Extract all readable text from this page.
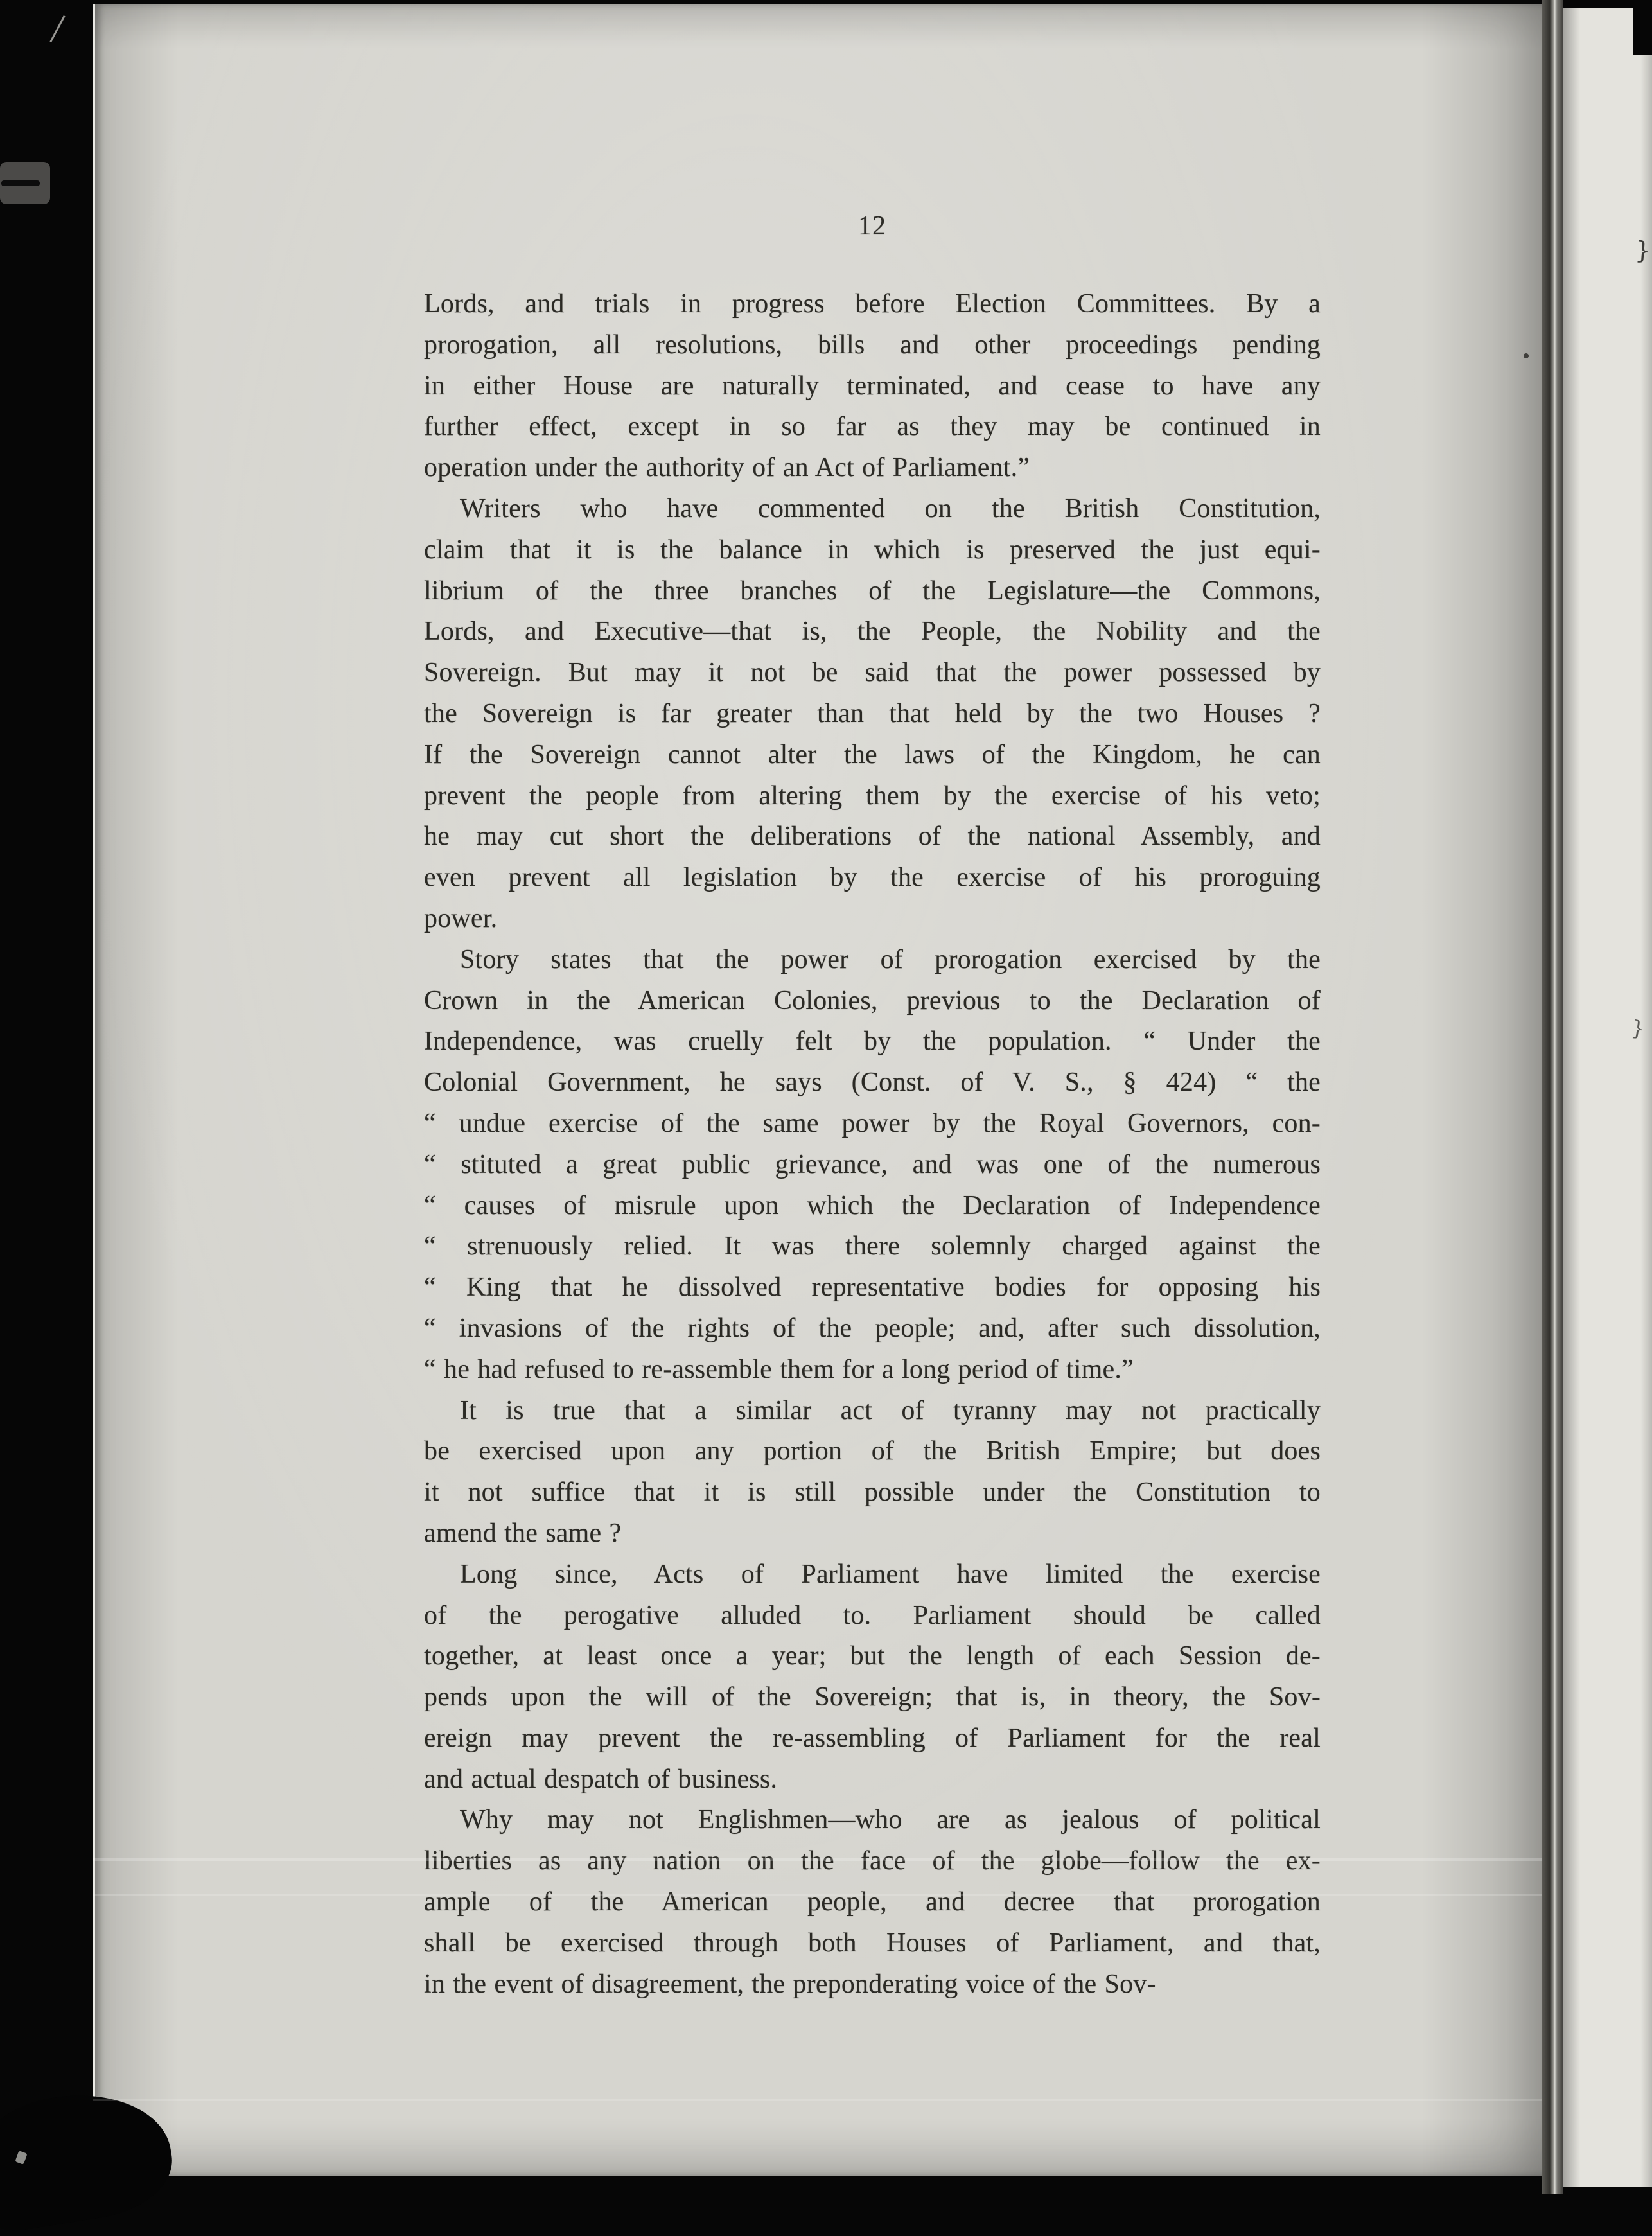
12
Lords, and trials in progress before Election Committees. By a
prorogation, all resolutions, bills and other proceedings pending
in either House are naturally terminated, and cease to have any
further effect, except in so far as they may be continued in
operation under the authority of an Act of Parliament.”
Writers who have commented on the British Constitution,
claim that it is the balance in which is preserved the just equi-
librium of the three branches of the Legislature—the Commons,
Lords, and Executive—that is, the People, the Nobility and the
Sovereign. But may it not be said that the power possessed by
the Sovereign is far greater than that held by the two Houses ?
If the Sovereign cannot alter the laws of the Kingdom, he can
prevent the people from altering them by the exercise of his veto;
he may cut short the deliberations of the national Assembly, and
even prevent all legislation by the exercise of his proroguing
power.
Story states that the power of prorogation exercised by the
Crown in the American Colonies, previous to the Declaration of
Independence, was cruelly felt by the population. “ Under the
Colonial Government, he says (Const. of V. S., § 424) “ the
“ undue exercise of the same power by the Royal Governors, con-
“ stituted a great public grievance, and was one of the numerous
“ causes of misrule upon which the Declaration of Independence
“ strenuously relied. It was there solemnly charged against the
“ King that he dissolved representative bodies for opposing his
“ invasions of the rights of the people; and, after such dissolution,
“ he had refused to re-assemble them for a long period of time.”
It is true that a similar act of tyranny may not practically
be exercised upon any portion of the British Empire; but does
it not suffice that it is still possible under the Constitution to
amend the same ?
Long since, Acts of Parliament have limited the exercise
of the perogative alluded to. Parliament should be called
together, at least once a year; but the length of each Session de-
pends upon the will of the Sovereign; that is, in theory, the Sov-
ereign may prevent the re-assembling of Parliament for the real
and actual despatch of business.
Why may not Englishmen—who are as jealous of political
liberties as any nation on the face of the globe—follow the ex-
ample of the American people, and decree that prorogation
shall be exercised through both Houses of Parliament, and that,
in the event of disagreement, the preponderating voice of the Sov-
}
}
